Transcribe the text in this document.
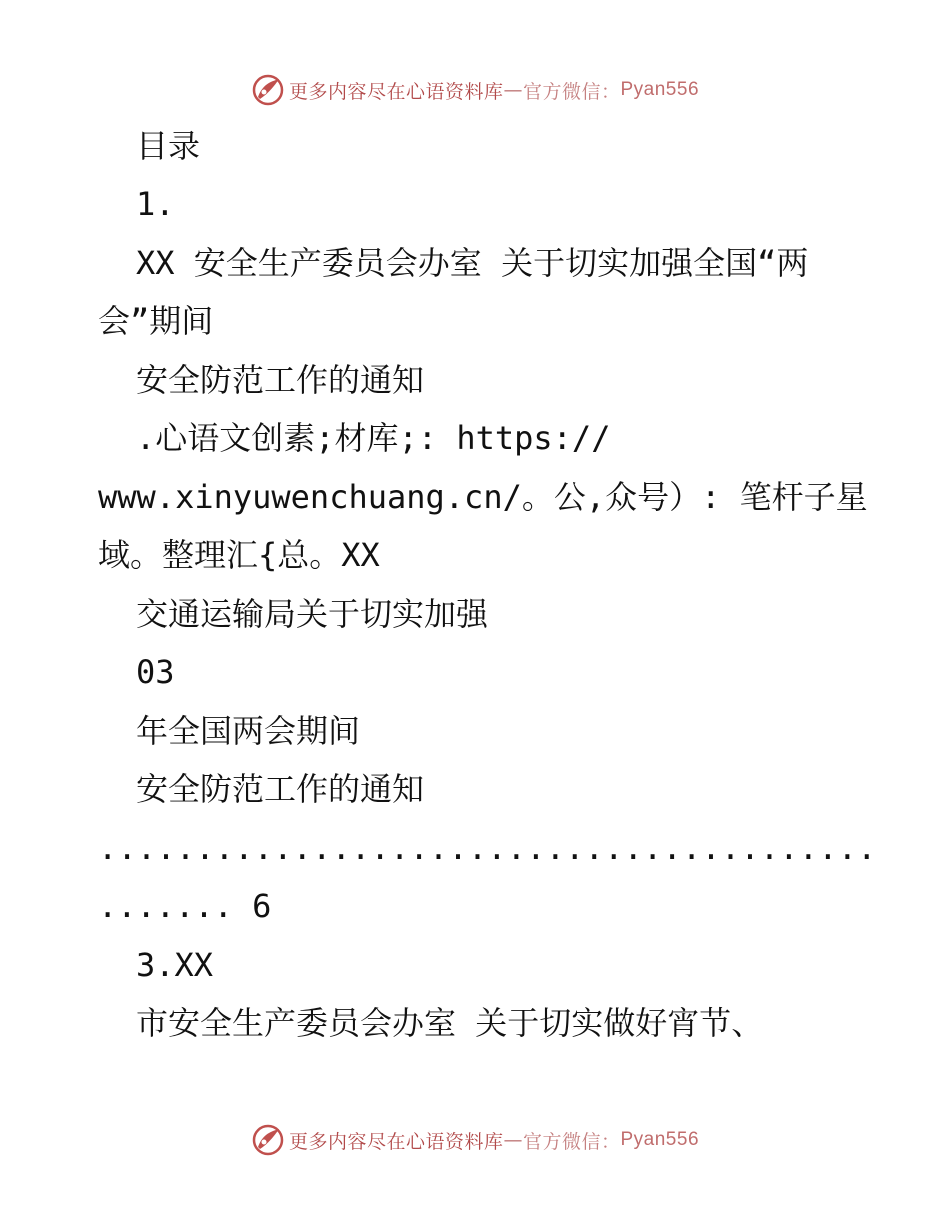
更多内容尽在心语资料库 — 官方微信： Pyan556
目录
1.
XX 安全生产委员会办室 关于切实加强全国“两
会”期间
安全防范工作的通知
.心语文创素;材库;: https://
www.xinyuwenchuang.cn/。公,众号）: 笔杆子星
域。整理汇{总。XX
交通运输局关于切实加强
03
年全国两会期间
安全防范工作的通知
........................................
....... 6
3.XX
市安全生产委员会办室 关于切实做好宵节、
更多内容尽在心语资料库 — 官方微信： Pyan556
